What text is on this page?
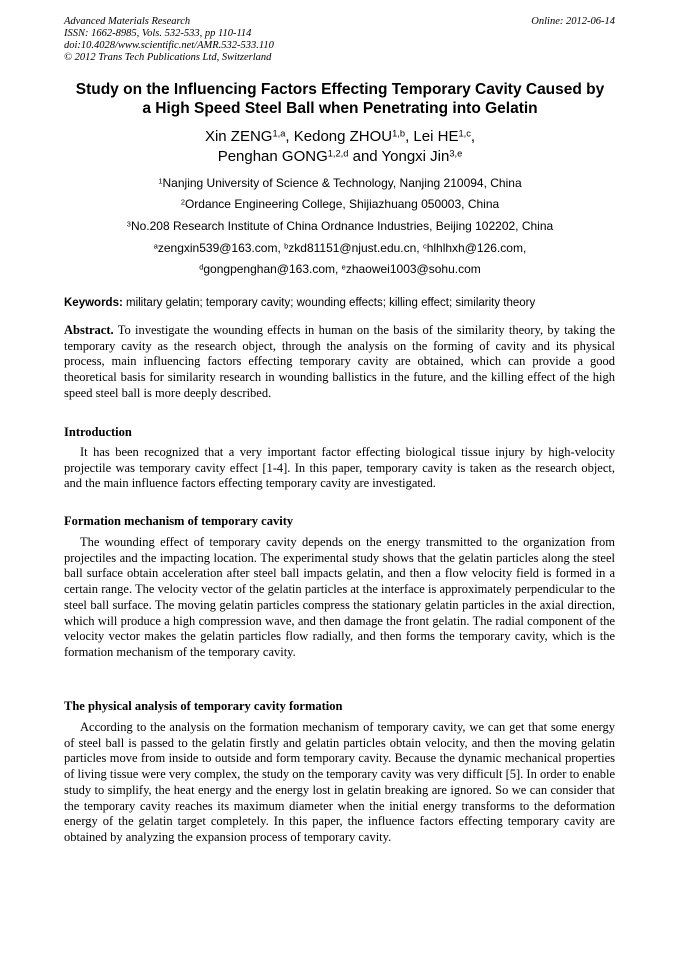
Advanced Materials Research
ISSN: 1662-8985, Vols. 532-533, pp 110-114
doi:10.4028/www.scientific.net/AMR.532-533.110
© 2012 Trans Tech Publications Ltd, Switzerland
Online: 2012-06-14
Study on the Influencing Factors Effecting Temporary Cavity Caused by
a High Speed Steel Ball when Penetrating into Gelatin
Xin ZENG$^{1,a}$, Kedong ZHOU$^{1,b}$, Lei HE$^{1,c}$,
Penghan GONG$^{1,2,d}$ and Yongxi Jin$^{3,e}$
$^1$Nanjing University of Science & Technology, Nanjing 210094, China
$^2$Ordance Engineering College, Shijiazhuang 050003, China
$^3$No.208 Research Institute of China Ordnance Industries, Beijing 102202, China
$^a$zengxin539@163.com, $^b$zkd81151@njust.edu.cn, $^c$hlhlhxh@126.com,
$^d$gongpenghan@163.com, $^e$zhaowei1003@sohu.com
Keywords: military gelatin; temporary cavity; wounding effects; killing effect; similarity theory
Abstract. To investigate the wounding effects in human on the basis of the similarity theory, by taking the temporary cavity as the research object, through the analysis on the forming of cavity and its physical process, main influencing factors effecting temporary cavity are obtained, which can provide a good theoretical basis for similarity research in wounding ballistics in the future, and the killing effect of the high speed steel ball is more deeply described.
Introduction
It has been recognized that a very important factor effecting biological tissue injury by high-velocity projectile was temporary cavity effect [1-4]. In this paper, temporary cavity is taken as the research object, and the main influence factors effecting temporary cavity are investigated.
Formation mechanism of temporary cavity
The wounding effect of temporary cavity depends on the energy transmitted to the organization from projectiles and the impacting location. The experimental study shows that the gelatin particles along the steel ball surface obtain acceleration after steel ball impacts gelatin, and then a flow velocity field is formed in a certain range. The velocity vector of the gelatin particles at the interface is approximately perpendicular to the steel ball surface. The moving gelatin particles compress the stationary gelatin particles in the axial direction, which will produce a high compression wave, and then damage the front gelatin. The radial component of the velocity vector makes the gelatin particles flow radially, and then forms the temporary cavity, which is the formation mechanism of the temporary cavity.
The physical analysis of temporary cavity formation
According to the analysis on the formation mechanism of temporary cavity, we can get that some energy of steel ball is passed to the gelatin firstly and gelatin particles obtain velocity, and then the moving gelatin particles move from inside to outside and form temporary cavity. Because the dynamic mechanical properties of living tissue were very complex, the study on the temporary cavity was very difficult [5]. In order to enable study to simplify, the heat energy and the energy lost in gelatin breaking are ignored. So we can consider that the temporary cavity reaches its maximum diameter when the initial energy transforms to the deformation energy of the gelatin target completely. In this paper, the influence factors effecting temporary cavity are obtained by analyzing the expansion process of temporary cavity.
